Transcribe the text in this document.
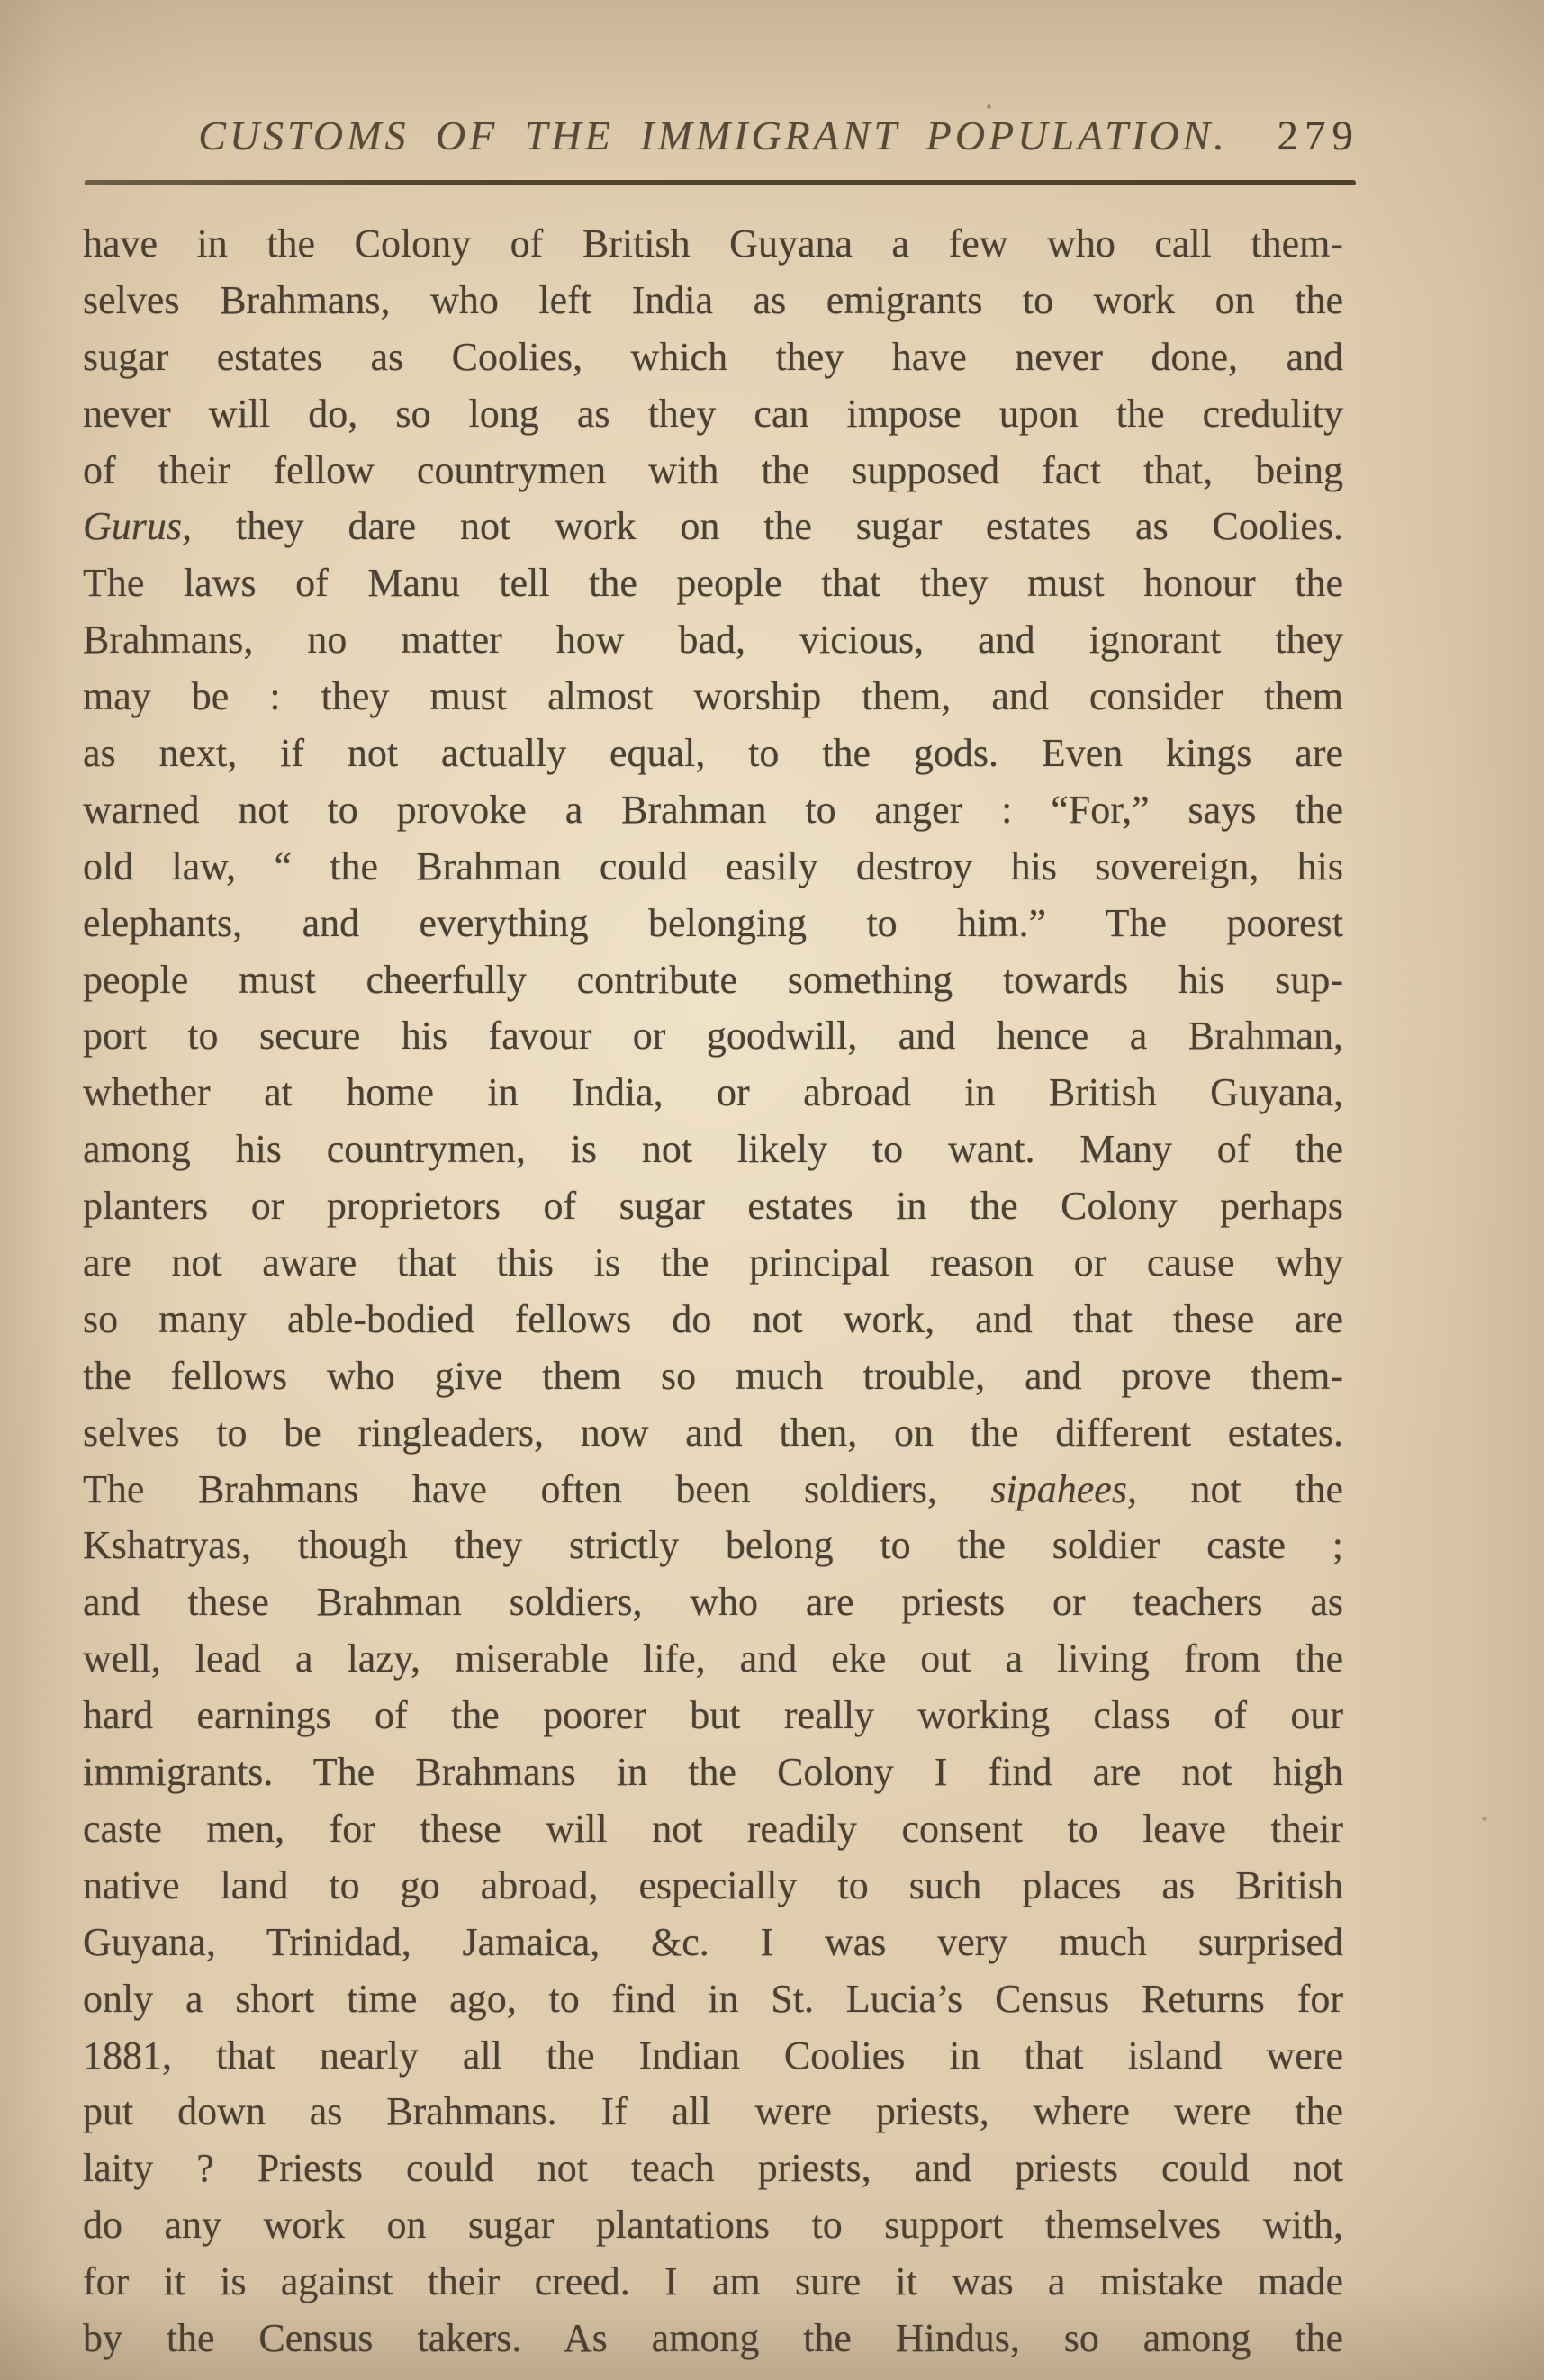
CUSTOMS OF THE IMMIGRANT POPULATION.	279
have in the Colony of British Guyana a few who call them-
selves Brahmans, who left India as emigrants to work on the
sugar estates as Coolies, which they have never done, and
never will do, so long as they can impose upon the credulity
of their fellow countrymen with the supposed fact that, being
Gurus, they dare not work on the sugar estates as Coolies.
The laws of Manu tell the people that they must honour the
Brahmans, no matter how bad, vicious, and ignorant they
may be : they must almost worship them, and consider them
as next, if not actually equal, to the gods. Even kings are
warned not to provoke a Brahman to anger : “For,” says the
old law, “ the Brahman could easily destroy his sovereign, his
elephants, and everything belonging to him.” The poorest
people must cheerfully contribute something towards his sup-
port to secure his favour or goodwill, and hence a Brahman,
whether at home in India, or abroad in British Guyana,
among his countrymen, is not likely to want. Many of the
planters or proprietors of sugar estates in the Colony perhaps
are not aware that this is the principal reason or cause why
so many able-bodied fellows do not work, and that these are
the fellows who give them so much trouble, and prove them-
selves to be ringleaders, now and then, on the different estates.
The Brahmans have often been soldiers, sipahees, not the
Kshatryas, though they strictly belong to the soldier caste ;
and these Brahman soldiers, who are priests or teachers as
well, lead a lazy, miserable life, and eke out a living from the
hard earnings of the poorer but really working class of our
immigrants. The Brahmans in the Colony I find are not high
caste men, for these will not readily consent to leave their
native land to go abroad, especially to such places as British
Guyana, Trinidad, Jamaica, &c. I was very much surprised
only a short time ago, to find in St. Lucia’s Census Returns for
1881, that nearly all the Indian Coolies in that island were
put down as Brahmans. If all were priests, where were the
laity ? Priests could not teach priests, and priests could not
do any work on sugar plantations to support themselves with,
for it is against their creed. I am sure it was a mistake made
by the Census takers. As among the Hindus, so among the
